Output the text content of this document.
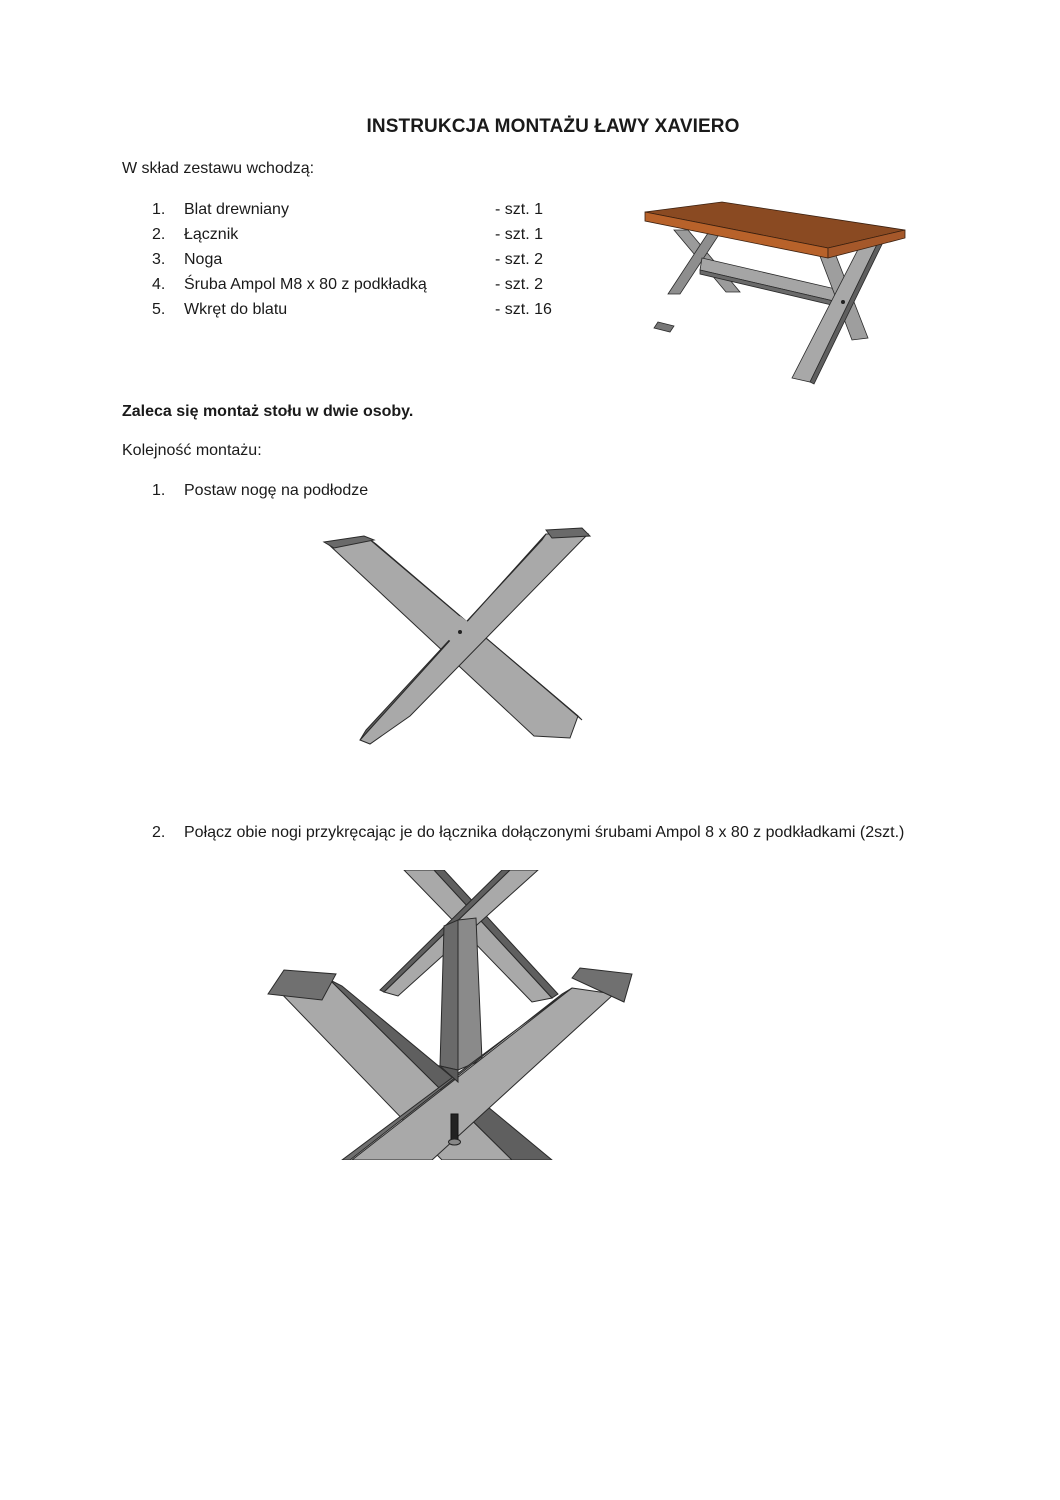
INSTRUKCJA MONTAŻU ŁAWY XAVIERO
W skład zestawu wchodzą:
1.	Blat drewniany	- szt. 1
2.	Łącznik	- szt. 1
3.	Noga	- szt. 2
4.	Śruba Ampol M8 x 80 z podkładką	- szt. 2
5.	Wkręt do blatu	- szt. 16
Zaleca się montaż stołu w dwie osoby.
Kolejność montażu:
1. Postaw nogę na podłodze
2. Połącz obie nogi przykręcając je do łącznika dołączonymi śrubami Ampol 8 x 80 z podkładkami (2szt.)
